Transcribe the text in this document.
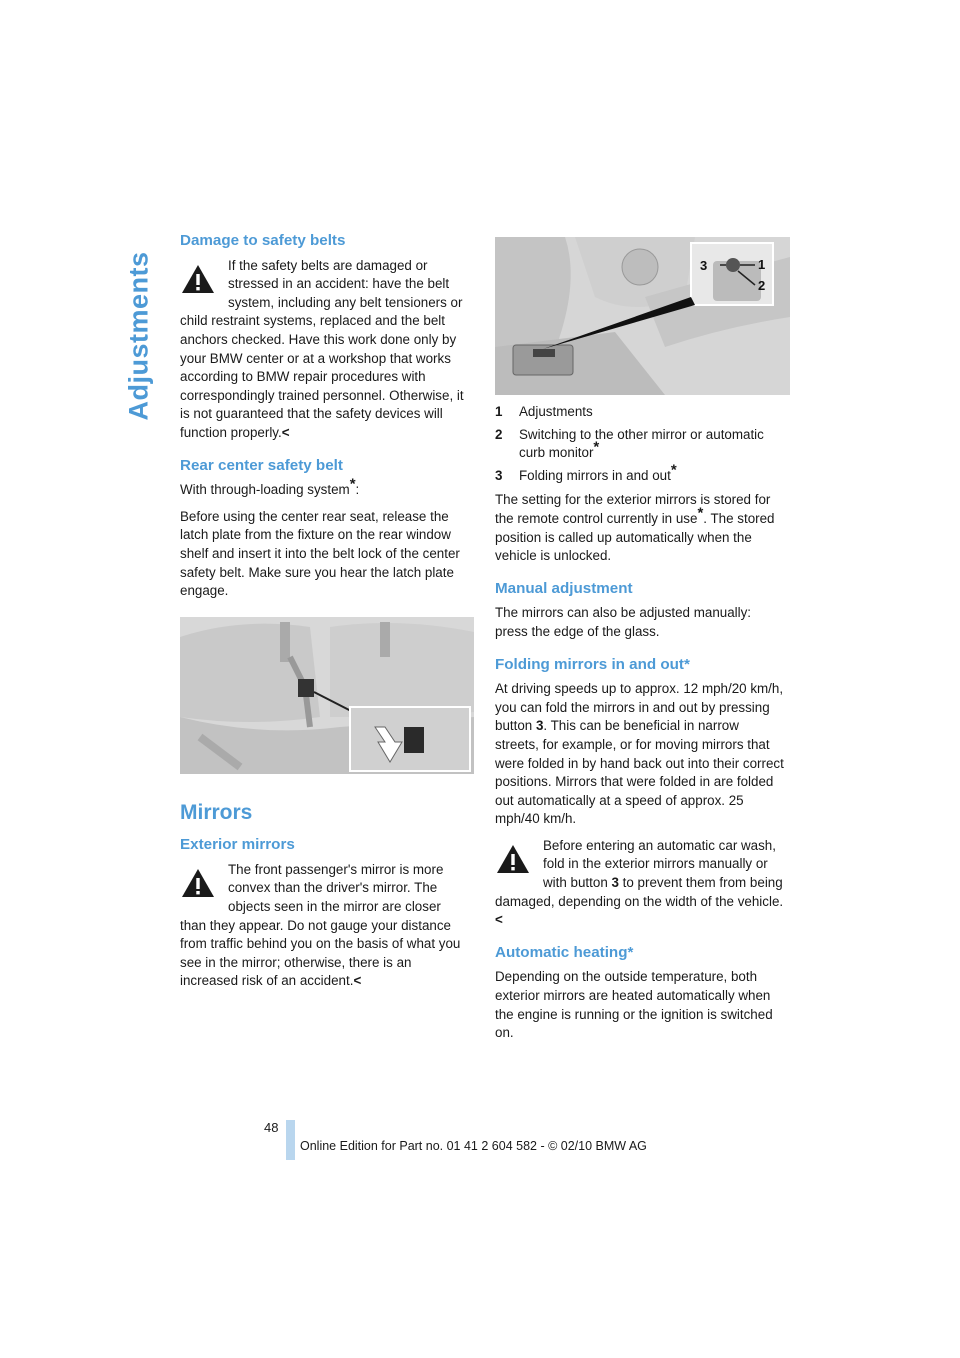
Adjustments
Damage to safety belts

If the safety belts are damaged or stressed in an accident: have the belt system, including any belt tensioners or child restraint systems, replaced and the belt anchors checked. Have this work done only by your BMW center or at a workshop that works according to BMW repair procedures with correspondingly trained personnel. Otherwise, it is not guaranteed that the safety devices will function properly.<

Rear center safety belt

With through-loading system*:

Before using the center rear seat, release the latch plate from the fixture on the rear window shelf and insert it into the belt lock of the center safety belt. Make sure you hear the latch plate engage.

Mirrors
Exterior mirrors

The front passenger's mirror is more convex than the driver's mirror. The objects seen in the mirror are closer than they appear. Do not gauge your distance from traffic behind you on the basis of what you see in the mirror; otherwise, there is an increased risk of an accident.<

3	1
2
1	Adjustments
2	Switching to the other mirror or automatic curb monitor*
3	Folding mirrors in and out*

The setting for the exterior mirrors is stored for the remote control currently in use*. The stored position is called up automatically when the vehicle is unlocked.

Manual adjustment

The mirrors can also be adjusted manually: press the edge of the glass.

Folding mirrors in and out*

At driving speeds up to approx. 12 mph/20 km/h, you can fold the mirrors in and out by pressing button 3. This can be beneficial in narrow streets, for example, or for moving mirrors that were folded in by hand back out into their correct positions. Mirrors that were folded in are folded out automatically at a speed of approx. 25 mph/40 km/h.

Before entering an automatic car wash, fold in the exterior mirrors manually or with button 3 to prevent them from being damaged, depending on the width of the vehicle.<

Automatic heating*

Depending on the outside temperature, both exterior mirrors are heated automatically when the engine is running or the ignition is switched on.

48
Online Edition for Part no. 01 41 2 604 582 - © 02/10 BMW AG
